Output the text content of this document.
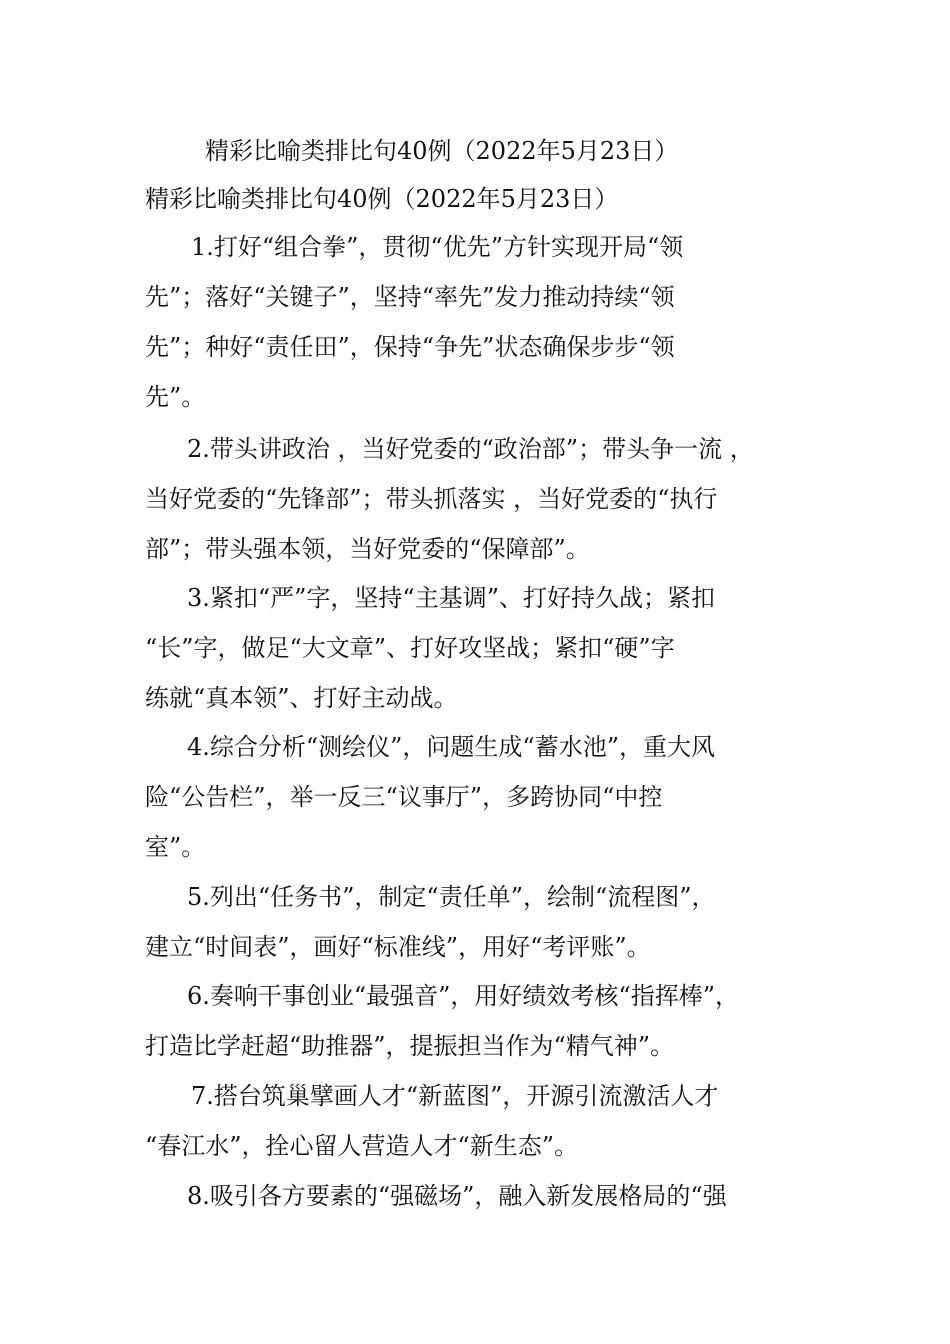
精彩比喻类排比句40例（2022年5月23日）
精彩比喻类排比句40例（2022年5月23日）
1.打好“组合拳”，贯彻“优先”方针实现开局“领
先”；落好“关键子”，坚持“率先”发力推动持续“领
先”；种好“责任田”，保持“争先”状态确保步步“领
先”。
2.带头讲政治 ，当好党委的“政治部”；带头争一流 ，
当好党委的“先锋部”；带头抓落实 ，当好党委的“执行
部”；带头强本领，当好党委的“保障部”。
3.紧扣“严”字，坚持“主基调”、打好持久战；紧扣
“长”字，做足“大文章”、打好攻坚战；紧扣“硬”字
练就“真本领”、打好主动战。
4.综合分析“测绘仪”，问题生成“蓄水池”，重大风
险“公告栏”，举一反三“议事厅”，多跨协同“中控
室”。
5.列出“任务书”，制定“责任单”，绘制“流程图”，
建立“时间表”，画好“标准线”，用好“考评账”。
6.奏响干事创业“最强音”，用好绩效考核“指挥棒”，
打造比学赶超“助推器”，提振担当作为“精气神”。
7.搭台筑巢擘画人才“新蓝图”，开源引流激活人才
“春江水”，拴心留人营造人才“新生态”。
8.吸引各方要素的“强磁场”，融入新发展格局的“强
